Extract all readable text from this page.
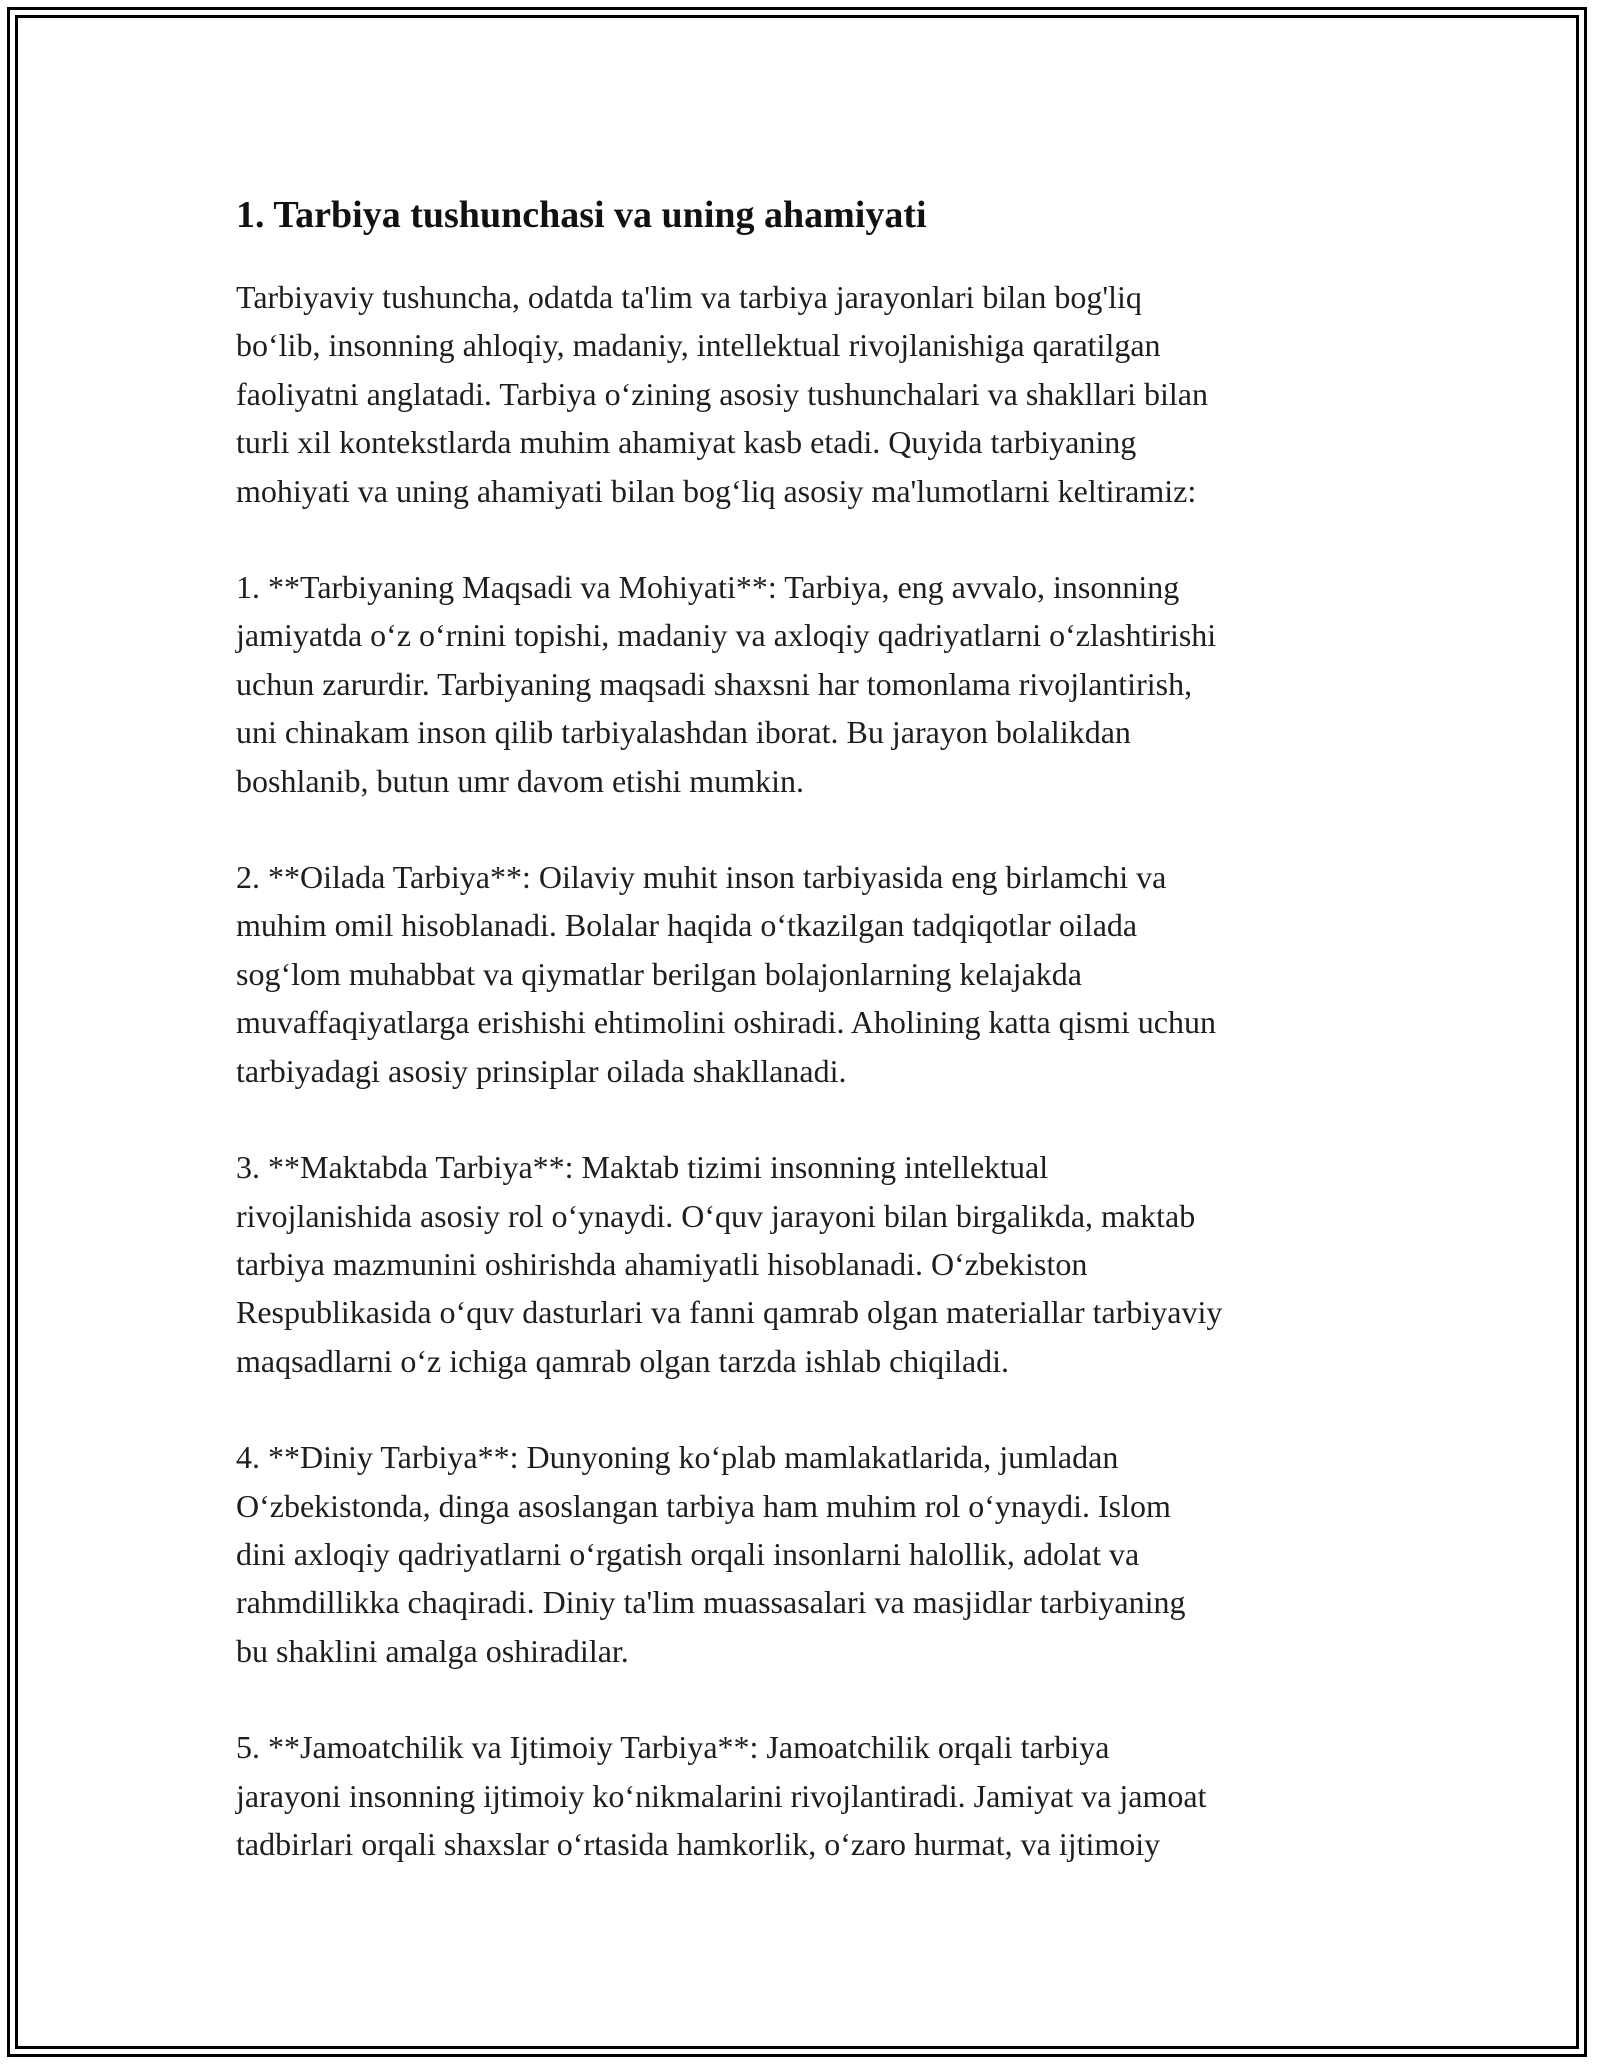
1. Tarbiya tushunchasi va uning ahamiyati

Tarbiyaviy tushuncha, odatda ta'lim va tarbiya jarayonlari bilan bog'liq
bo‘lib, insonning ahloqiy, madaniy, intellektual rivojlanishiga qaratilgan
faoliyatni anglatadi. Tarbiya o‘zining asosiy tushunchalari va shakllari bilan
turli xil kontekstlarda muhim ahamiyat kasb etadi. Quyida tarbiyaning
mohiyati va uning ahamiyati bilan bog‘liq asosiy ma'lumotlarni keltiramiz:

1. **Tarbiyaning Maqsadi va Mohiyati**: Tarbiya, eng avvalo, insonning
jamiyatda o‘z o‘rnini topishi, madaniy va axloqiy qadriyatlarni o‘zlashtirishi
uchun zarurdir. Tarbiyaning maqsadi shaxsni har tomonlama rivojlantirish,
uni chinakam inson qilib tarbiyalashdan iborat. Bu jarayon bolalikdan
boshlanib, butun umr davom etishi mumkin.

2. **Oilada Tarbiya**: Oilaviy muhit inson tarbiyasida eng birlamchi va
muhim omil hisoblanadi. Bolalar haqida o‘tkazilgan tadqiqotlar oilada
sog‘lom muhabbat va qiymatlar berilgan bolajonlarning kelajakda
muvaffaqiyatlarga erishishi ehtimolini oshiradi. Aholining katta qismi uchun
tarbiyadagi asosiy prinsiplar oilada shakllanadi.

3. **Maktabda Tarbiya**: Maktab tizimi insonning intellektual
rivojlanishida asosiy rol o‘ynaydi. O‘quv jarayoni bilan birgalikda, maktab
tarbiya mazmunini oshirishda ahamiyatli hisoblanadi. O‘zbekiston
Respublikasida o‘quv dasturlari va fanni qamrab olgan materiallar tarbiyaviy
maqsadlarni o‘z ichiga qamrab olgan tarzda ishlab chiqiladi.

4. **Diniy Tarbiya**: Dunyoning ko‘plab mamlakatlarida, jumladan
O‘zbekistonda, dinga asoslangan tarbiya ham muhim rol o‘ynaydi. Islom
dini axloqiy qadriyatlarni o‘rgatish orqali insonlarni halollik, adolat va
rahmdillikka chaqiradi. Diniy ta'lim muassasalari va masjidlar tarbiyaning
bu shaklini amalga oshiradilar.

5. **Jamoatchilik va Ijtimoiy Tarbiya**: Jamoatchilik orqali tarbiya
jarayoni insonning ijtimoiy ko‘nikmalarini rivojlantiradi. Jamiyat va jamoat
tadbirlari orqali shaxslar o‘rtasida hamkorlik, o‘zaro hurmat, va ijtimoiy
